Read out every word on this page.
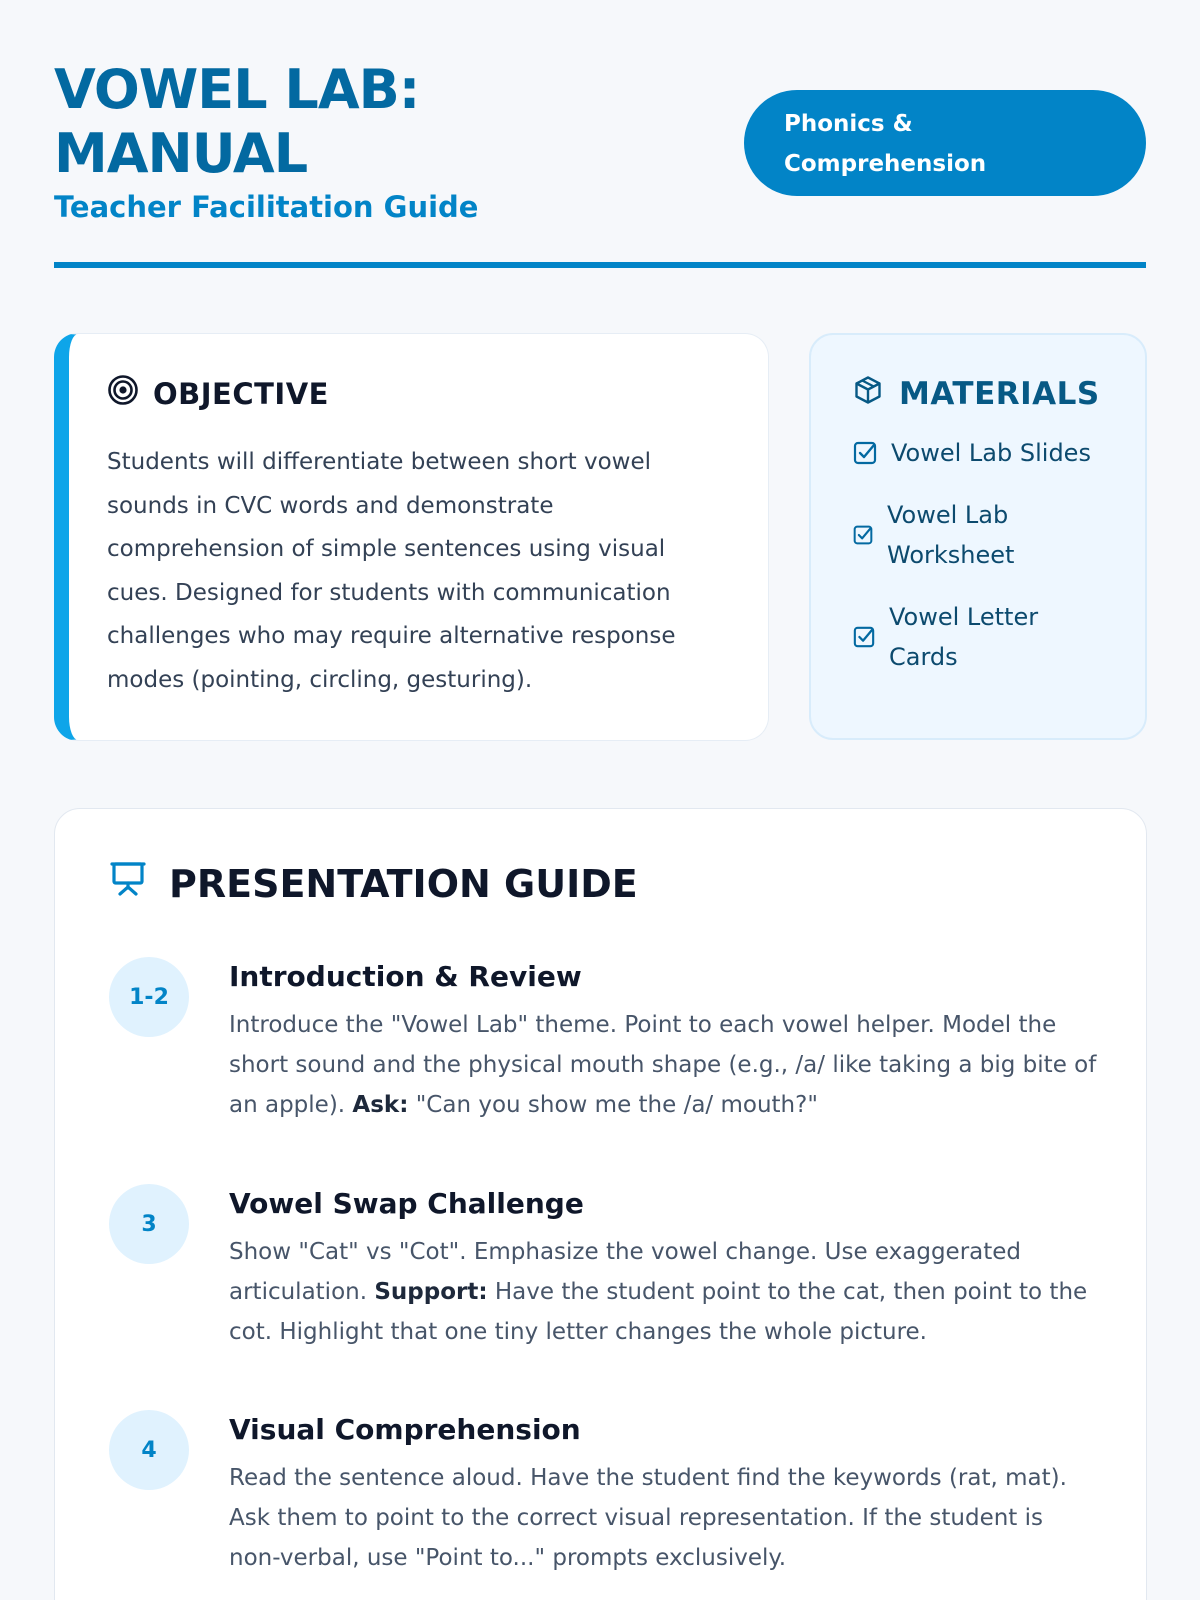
VOWEL LAB:
MANUAL
Teacher Facilitation Guide
Phonics &
Comprehension
OBJECTIVE

Students will differentiate between short vowel sounds in CVC words and demonstrate comprehension of simple sentences using visual cues. Designed for students with communication challenges who may require alternative response modes (pointing, circling, gesturing).

MATERIALS
Vowel Lab Slides
Vowel Lab Worksheet
Vowel Letter Cards
PRESENTATION GUIDE
1-2
Introduction & Review

Introduce the "Vowel Lab" theme. Point to each vowel helper. Model the short sound and the physical mouth shape (e.g., /a/ like taking a big bite of an apple). Ask: "Can you show me the /a/ mouth?"

3
Vowel Swap Challenge

Show "Cat" vs "Cot". Emphasize the vowel change. Use exaggerated articulation. Support: Have the student point to the cat, then point to the cot. Highlight that one tiny letter changes the whole picture.

4
Visual Comprehension

Read the sentence aloud. Have the student find the keywords (rat, mat). Ask them to point to the correct visual representation. If the student is non-verbal, use "Point to..." prompts exclusively.
